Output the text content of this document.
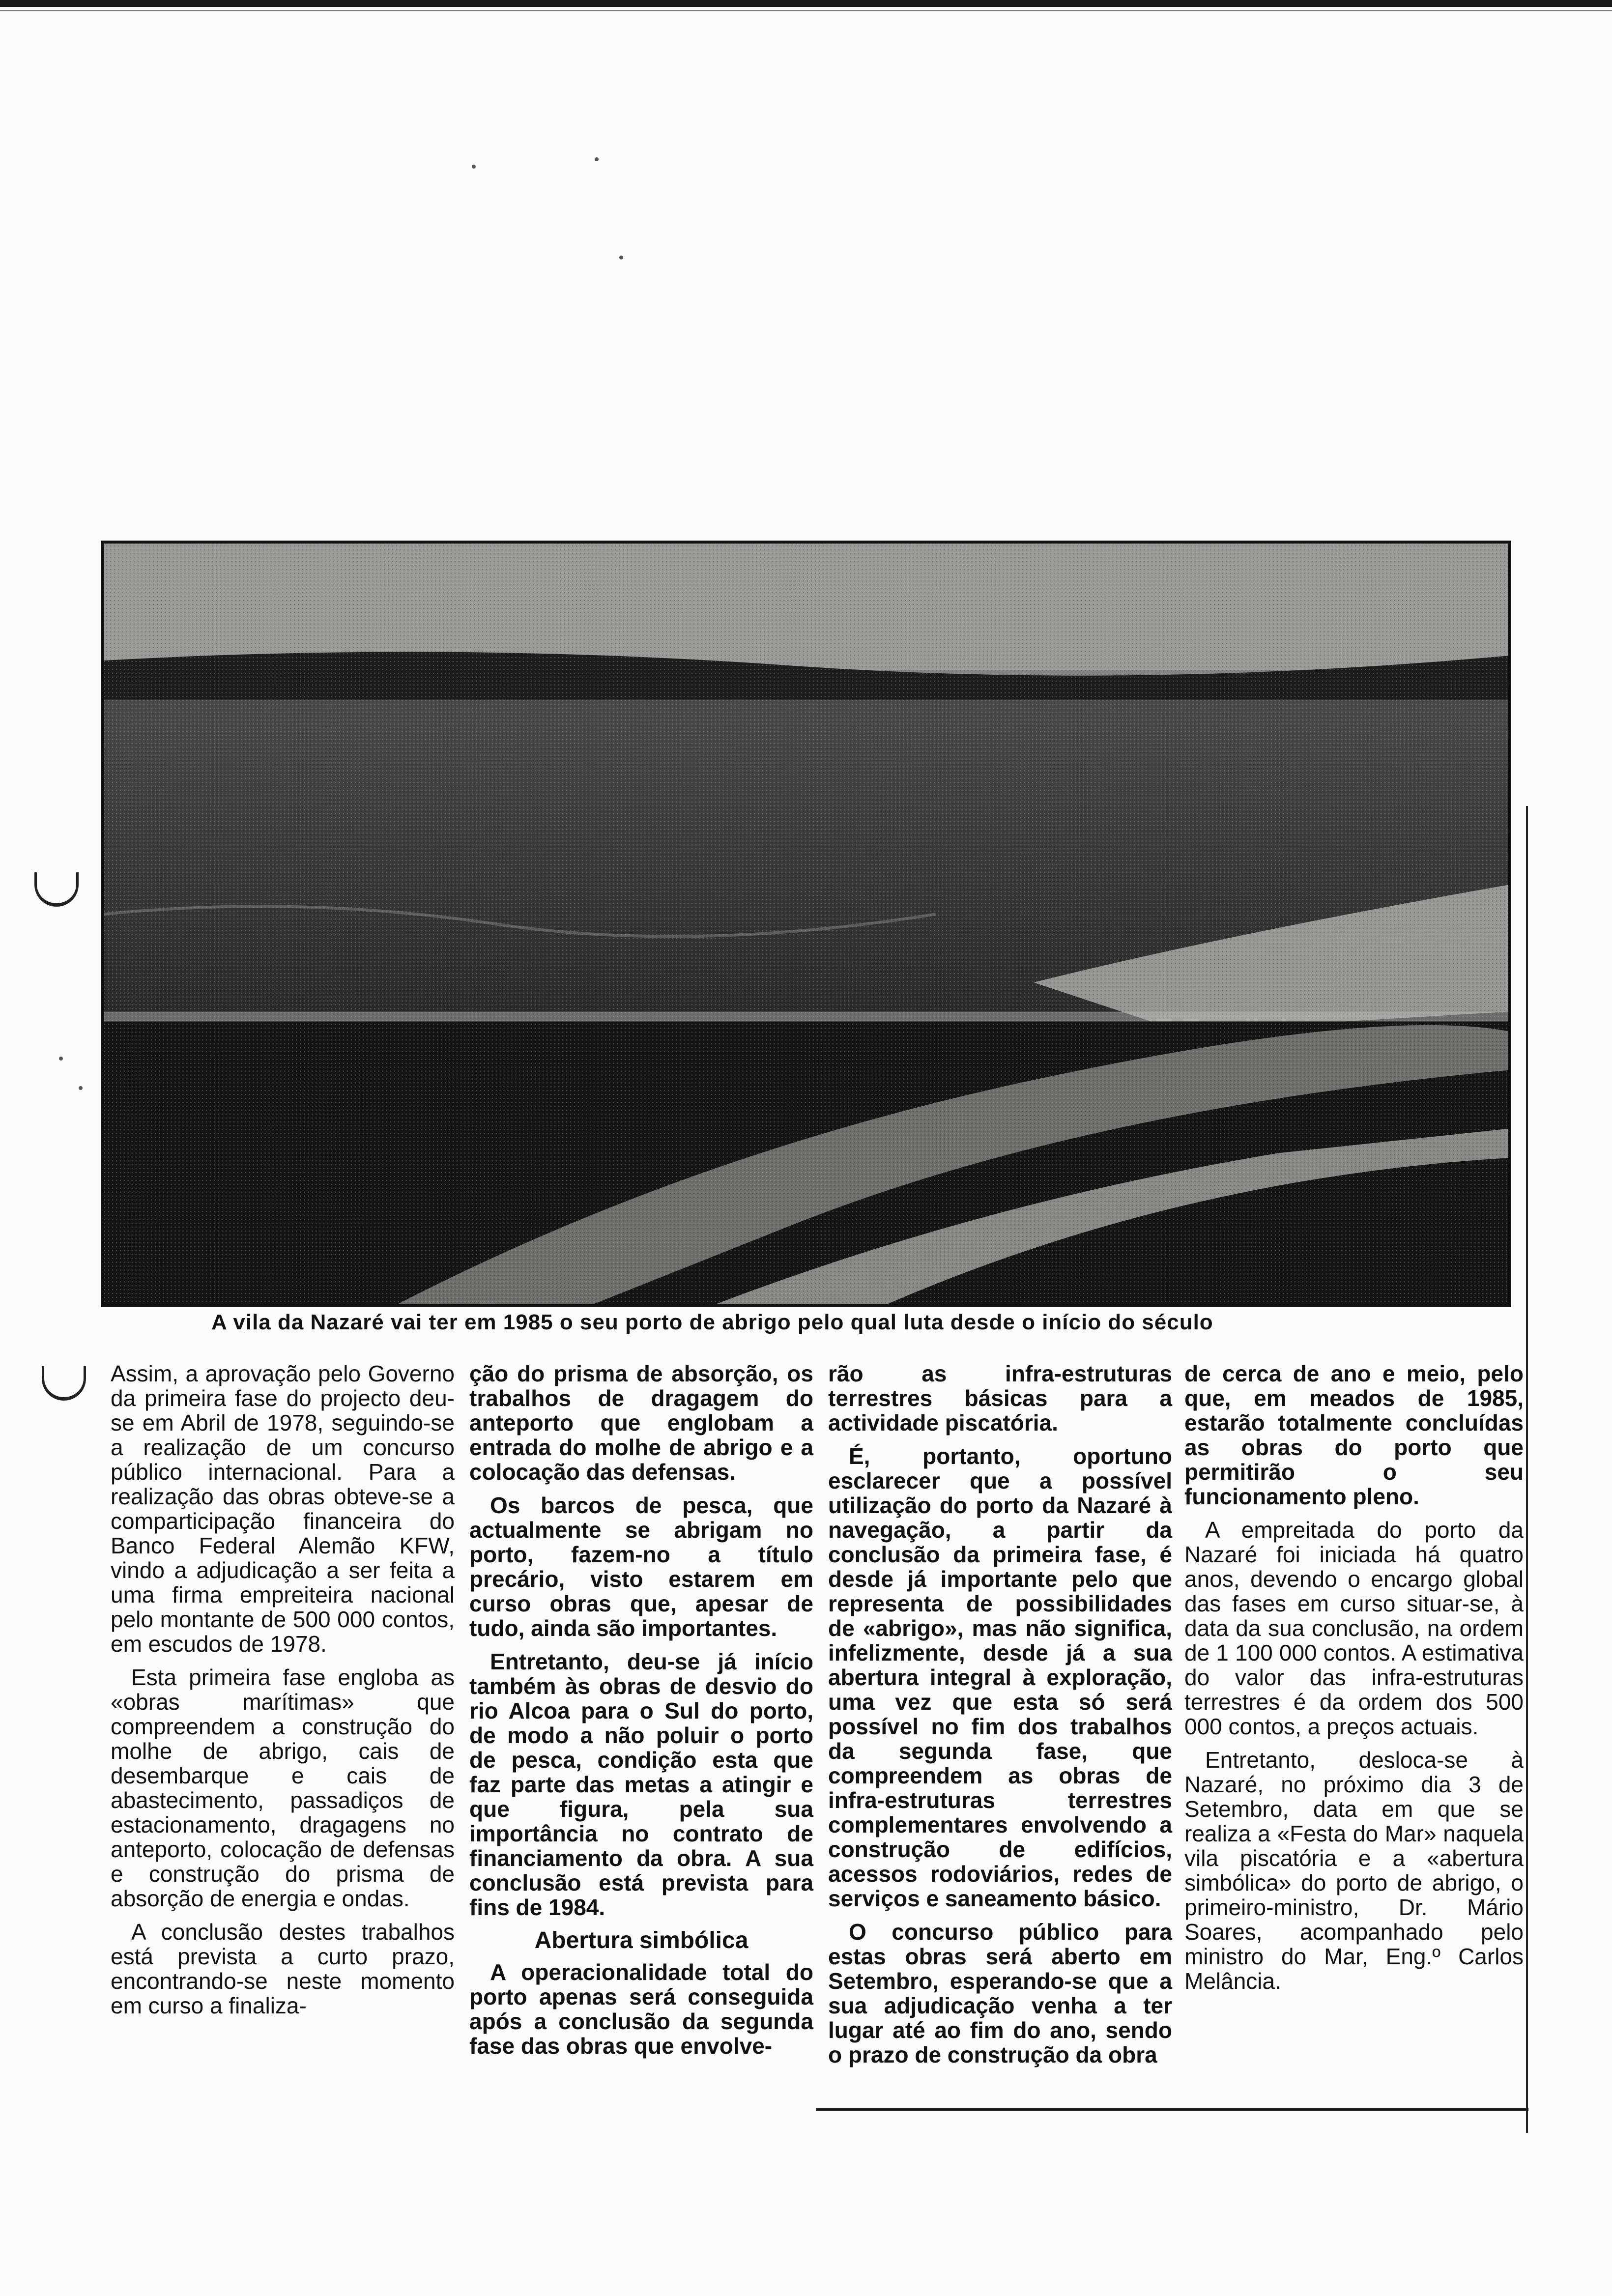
A vila da Nazaré vai ter em 1985 o seu porto de abrigo pelo qual luta desde o início do século

Assim, a aprovação pelo Governo da primeira fase do projecto deu-se em Abril de 1978, seguindo-se a realização de um concurso público internacional. Para a realização das obras obteve-se a comparticipação financeira do Banco Federal Alemão KFW, vindo a adjudicação a ser feita a uma firma empreiteira nacional pelo montante de 500 000 contos, em escudos de 1978.

Esta primeira fase engloba as «obras marítimas» que compreendem a construção do molhe de abrigo, cais de desembarque e cais de abastecimento, passadiços de estacionamento, dragagens no anteporto, colocação de defensas e construção do prisma de absorção de energia e ondas.

A conclusão destes trabalhos está prevista a curto prazo, encontrando-se neste momento em curso a finaliza-

ção do prisma de absorção, os trabalhos de dragagem do anteporto que englobam a entrada do molhe de abrigo e a colocação das defensas.

Os barcos de pesca, que actualmente se abrigam no porto, fazem-no a título precário, visto estarem em curso obras que, apesar de tudo, ainda são importantes.

Entretanto, deu-se já início também às obras de desvio do rio Alcoa para o Sul do porto, de modo a não poluir o porto de pesca, condição esta que faz parte das metas a atingir e que figura, pela sua importância no contrato de financiamento da obra. A sua conclusão está prevista para fins de 1984.

Abertura simbólica

A operacionalidade total do porto apenas será conseguida após a conclusão da segunda fase das obras que envolve-

rão as infra-estruturas terrestres básicas para a actividade piscatória.

É, portanto, oportuno esclarecer que a possível utilização do porto da Nazaré à navegação, a partir da conclusão da primeira fase, é desde já importante pelo que representa de possibilidades de «abrigo», mas não significa, infelizmente, desde já a sua abertura integral à exploração, uma vez que esta só será possível no fim dos trabalhos da segunda fase, que compreendem as obras de infra-estruturas terrestres complementares envolvendo a construção de edifícios, acessos rodoviários, redes de serviços e saneamento básico.

O concurso público para estas obras será aberto em Setembro, esperando-se que a sua adjudicação venha a ter lugar até ao fim do ano, sendo o prazo de construção da obra

de cerca de ano e meio, pelo que, em meados de 1985, estarão totalmente concluídas as obras do porto que permitirão o seu funcionamento pleno.

A empreitada do porto da Nazaré foi iniciada há quatro anos, devendo o encargo global das fases em curso situar-se, à data da sua conclusão, na ordem de 1 100 000 contos. A estimativa do valor das infra-estruturas terrestres é da ordem dos 500 000 contos, a preços actuais.

Entretanto, desloca-se à Nazaré, no próximo dia 3 de Setembro, data em que se realiza a «Festa do Mar» naquela vila piscatória e a «abertura simbólica» do porto de abrigo, o primeiro-ministro, Dr. Mário Soares, acompanhado pelo ministro do Mar, Eng.º Carlos Melância.
